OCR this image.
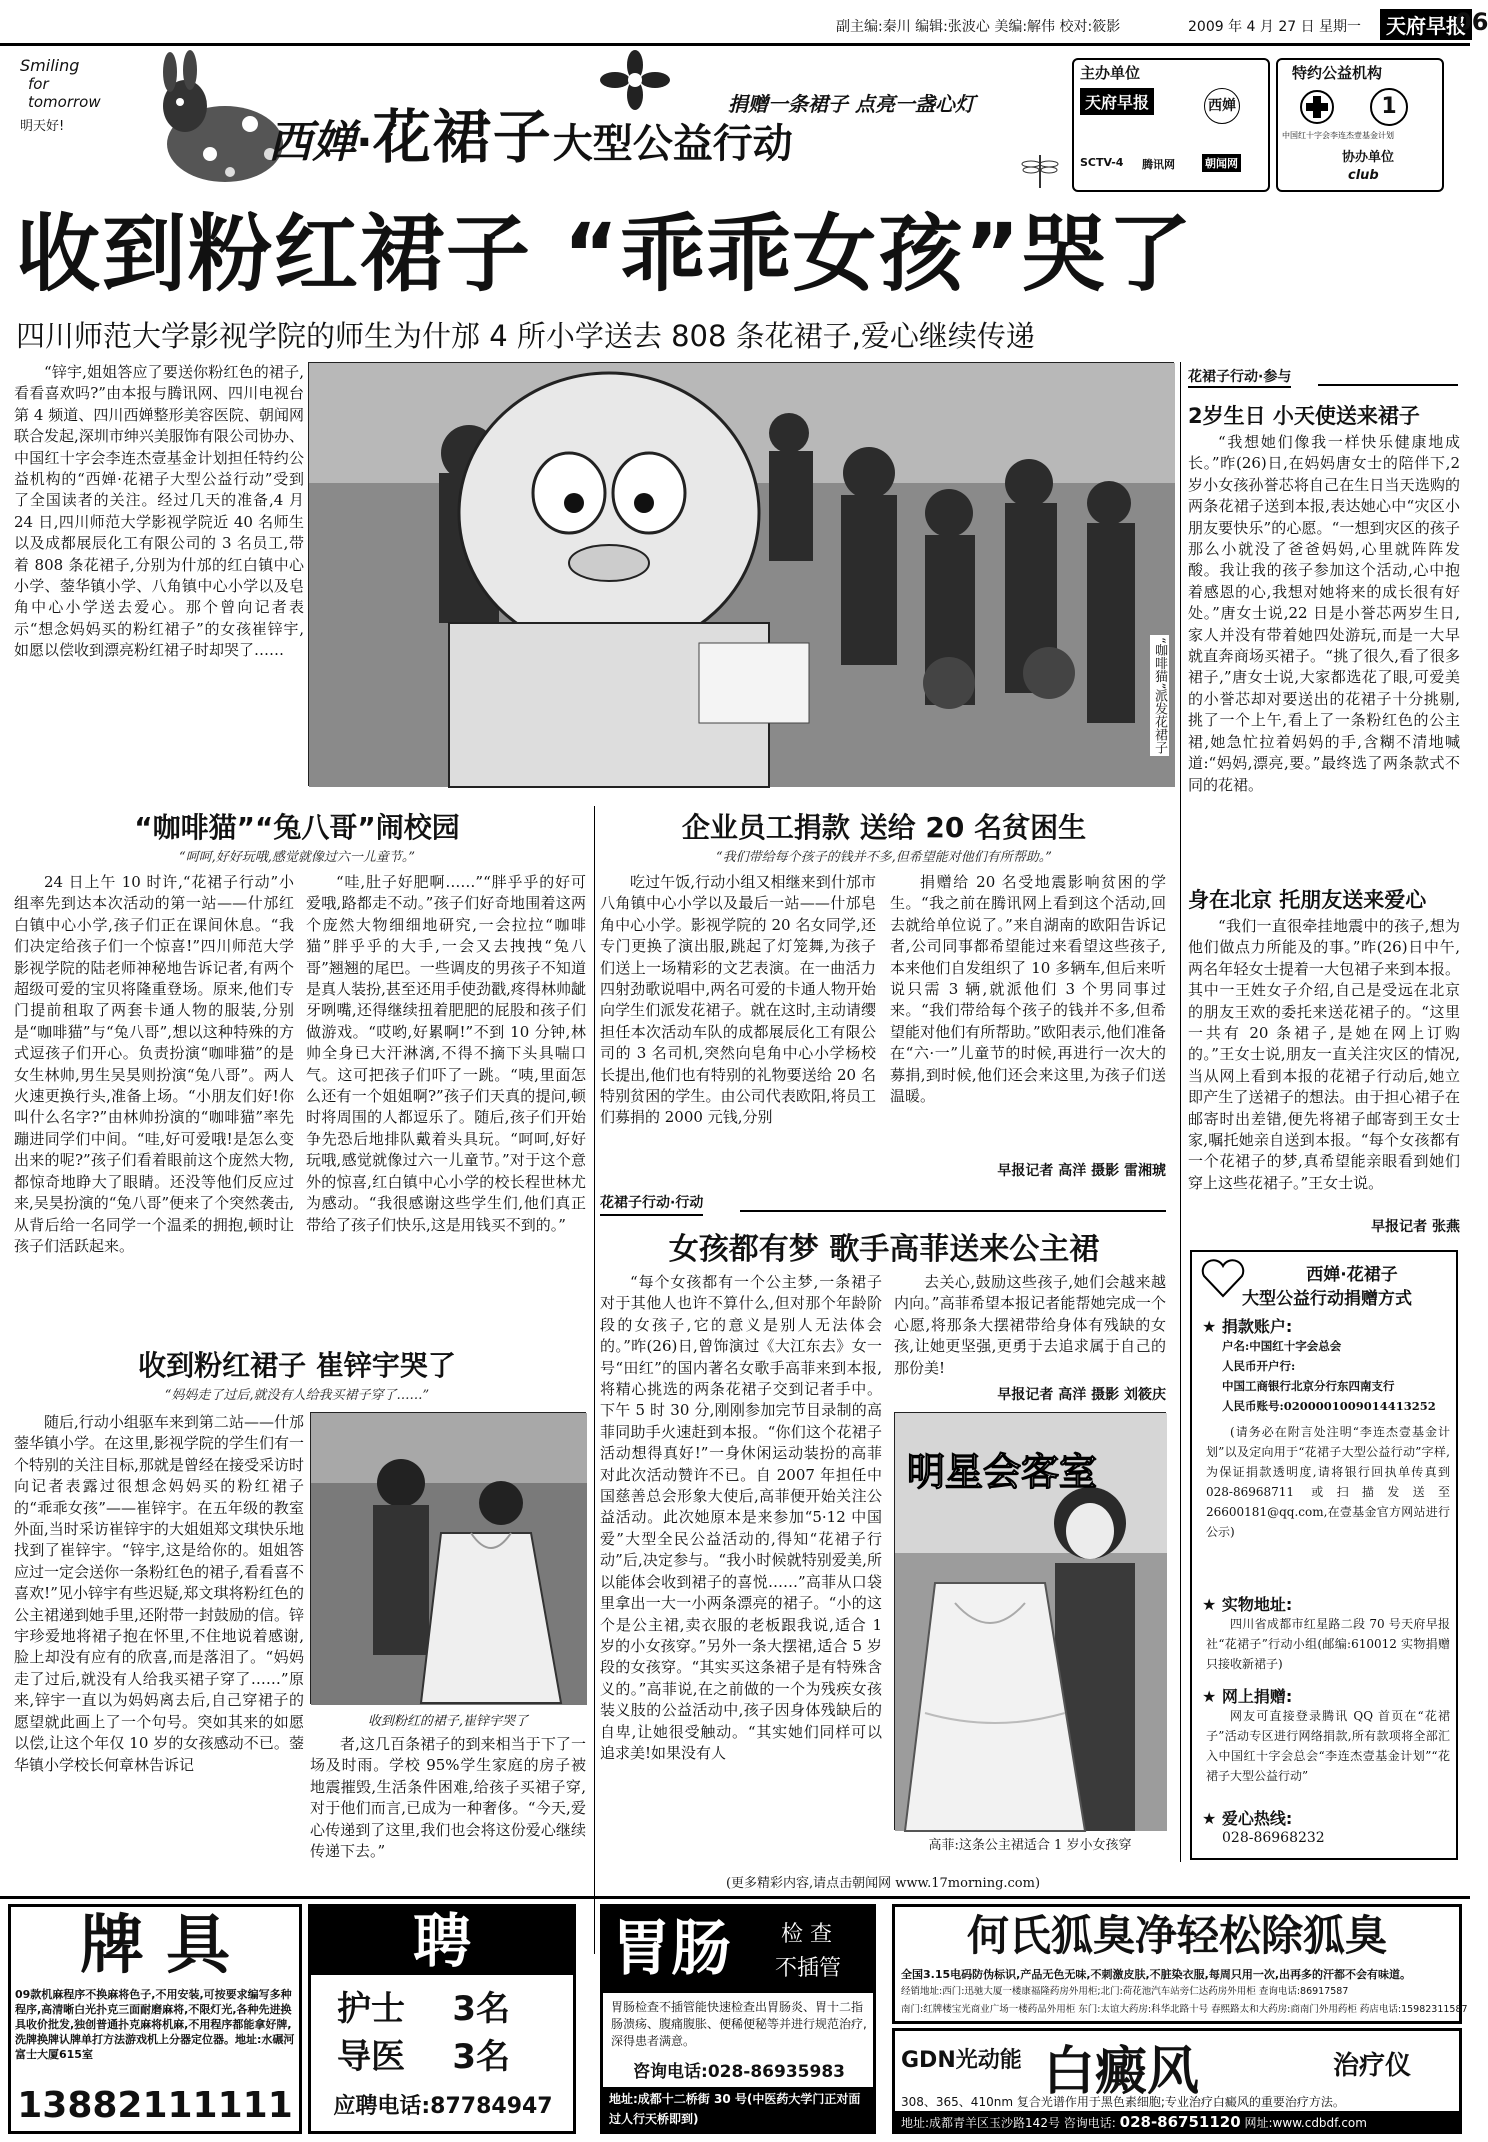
副主编:秦川 编辑:张波心 美编:解伟 校对:筱影	2009 年 4 月 27 日 星期一	天府早报
06
Smiling
for tomorrow
明天好!	西婵·花裙子大型公益行动
捐赠一条裙子 点亮一盏心灯
主办单位
天府早报	西婵
SCTV-4 腾讯网	朝闻网
特约公益机构
1
中国红十字会李连杰壹基金计划
协办单位
club
收到粉红裙子 “乖乖女孩”哭了
四川师范大学影视学院的师生为什邡 4 所小学送去 808 条花裙子,爱心继续传递
“锌宇,姐姐答应了要送你粉红色的裙子,看看喜欢吗?”由本报与腾讯网、四川电视台第 4 频道、四川西婵整形美容医院、朝闻网联合发起,深圳市绅兴美服饰有限公司协办、中国红十字会李连杰壹基金计划担任特约公益机构的“西婵·花裙子大型公益行动”受到了全国读者的关注。经过几天的准备,4 月 24 日,四川师范大学影视学院近 40 名师生以及成都展辰化工有限公司的 3 名员工,带着 808 条花裙子,分别为什邡的红白镇中心小学、蓥华镇小学、八角镇中心小学以及皂角中心小学送去爱心。那个曾向记者表示“想念妈妈买的粉红裙子”的女孩崔锌宇,如愿以偿收到漂亮粉红裙子时却哭了……	“咖啡猫”派发花裙子
“咖啡猫”“兔八哥”闹校园
“呵呵,好好玩哦,感觉就像过六一儿童节。”
24 日上午 10 时许,“花裙子行动”小组率先到达本次活动的第一站——什邡红白镇中心小学,孩子们正在课间休息。“我们决定给孩子们一个惊喜!”四川师范大学影视学院的陆老师神秘地告诉记者,有两个超级可爱的宝贝将隆重登场。原来,他们专门提前租取了两套卡通人物的服装,分别是“咖啡猫”与“兔八哥”,想以这种特殊的方式逗孩子们开心。负责扮演“咖啡猫”的是女生林帅,男生吴昊则扮演“兔八哥”。两人火速更换行头,准备上场。“小朋友们好!你叫什么名字?”由林帅扮演的“咖啡猫”率先蹦进同学们中间。“哇,好可爱哦!是怎么变出来的呢?”孩子们看着眼前这个庞然大物,都惊奇地睁大了眼睛。还没等他们反应过来,吴昊扮演的“兔八哥”便来了个突然袭击,从背后给一名同学一个温柔的拥抱,顿时让孩子们活跃起来。
“哇,肚子好肥啊……”“胖乎乎的好可爱哦,路都走不动。”孩子们好奇地围着这两个庞然大物细细地研究,一会拉拉“咖啡猫”胖乎乎的大手,一会又去拽拽“兔八哥”翘翘的尾巴。一些调皮的男孩子不知道是真人装扮,甚至还用手使劲戳,疼得林帅龇牙咧嘴,还得继续扭着肥肥的屁股和孩子们做游戏。“哎哟,好累啊!”不到 10 分钟,林帅全身已大汗淋漓,不得不摘下头具喘口气。这可把孩子们吓了一跳。“咦,里面怎么还有一个姐姐啊?”孩子们天真的提问,顿时将周围的人都逗乐了。随后,孩子们开始争先恐后地排队戴着头具玩。“呵呵,好好玩哦,感觉就像过六一儿童节。”对于这个意外的惊喜,红白镇中心小学的校长程世林尤为感动。“我很感谢这些学生们,他们真正带给了孩子们快乐,这是用钱买不到的。”
收到粉红裙子 崔锌宇哭了
“妈妈走了过后,就没有人给我买裙子穿了……”
随后,行动小组驱车来到第二站——什邡蓥华镇小学。在这里,影视学院的学生们有一个特别的关注目标,那就是曾经在接受采访时向记者表露过很想念妈妈买的粉红裙子的“乖乖女孩”——崔锌宇。在五年级的教室外面,当时采访崔锌宇的大姐姐郑文琪快乐地找到了崔锌宇。“锌宇,这是给你的。姐姐答应过一定会送你一条粉红色的裙子,看看喜不喜欢!”见小锌宇有些迟疑,郑文琪将粉红色的公主裙递到她手里,还附带一封鼓励的信。锌宇珍爱地将裙子抱在怀里,不住地说着感谢,脸上却没有应有的欣喜,而是落泪了。“妈妈走了过后,就没有人给我买裙子穿了……”原来,锌宇一直以为妈妈离去后,自己穿裙子的愿望就此画上了一个句号。突如其来的如愿以偿,让这个年仅 10 岁的女孩感动不已。蓥华镇小学校长何章林告诉记
收到粉红的裙子,崔锌宇哭了
者,这几百条裙子的到来相当于下了一场及时雨。学校 95%学生家庭的房子被地震摧毁,生活条件困难,给孩子买裙子穿,对于他们而言,已成为一种奢侈。“今天,爱心传递到了这里,我们也会将这份爱心继续传递下去。”
企业员工捐款 送给 20 名贫困生
“我们带给每个孩子的钱并不多,但希望能对他们有所帮助。”
吃过午饭,行动小组又相继来到什邡市八角镇中心小学以及最后一站——什邡皂角中心小学。影视学院的 20 名女同学,还专门更换了演出服,跳起了灯笼舞,为孩子们送上一场精彩的文艺表演。在一曲活力四射劲歌说唱中,两名可爱的卡通人物开始向学生们派发花裙子。就在这时,主动请缨担任本次活动车队的成都展辰化工有限公司的 3 名司机,突然向皂角中心小学杨校长提出,他们也有特别的礼物要送给 20 名特别贫困的学生。由公司代表欧阳,将员工们募捐的 2000 元钱,分别
捐赠给 20 名受地震影响贫困的学生。“我之前在腾讯网上看到这个活动,回去就给单位说了。”来自湖南的欧阳告诉记者,公司同事都希望能过来看望这些孩子,本来他们自发组织了 10 多辆车,但后来听说只需 3 辆,就派他们 3 个男同事过来。“我们带给每个孩子的钱并不多,但希望能对他们有所帮助。”欧阳表示,他们准备在“六·一”儿童节的时候,再进行一次大的募捐,到时候,他们还会来这里,为孩子们送温暖。
早报记者 高洋 摄影 雷湘琥
花裙子行动·行动
女孩都有梦 歌手高菲送来公主裙
“每个女孩都有一个公主梦,一条裙子对于其他人也许不算什么,但对那个年龄阶段的女孩子,它的意义是别人无法体会的。”昨(26)日,曾饰演过《大江东去》女一号“田红”的国内著名女歌手高菲来到本报,将精心挑选的两条花裙子交到记者手中。下午 5 时 30 分,刚刚参加完节目录制的高菲同助手火速赶到本报。“你们这个花裙子活动想得真好!”一身休闲运动装扮的高菲对此次活动赞许不已。自 2007 年担任中国慈善总会形象大使后,高菲便开始关注公益活动。此次她原本是来参加“5·12 中国爱”大型全民公益活动的,得知“花裙子行动”后,决定参与。“我小时候就特别爱美,所以能体会收到裙子的喜悦……”高菲从口袋里拿出一大一小两条漂亮的裙子。“小的这个是公主裙,卖衣服的老板跟我说,适合 1 岁的小女孩穿。”另外一条大摆裙,适合 5 岁段的女孩穿。“其实买这条裙子是有特殊含义的。”高菲说,在之前做的一个为残疾女孩装义肢的公益活动中,孩子因身体残缺后的自卑,让她很受触动。“其实她们同样可以追求美!如果没有人
去关心,鼓励这些孩子,她们会越来越内向。”高菲希望本报记者能帮她完成一个心愿,将那条大摆裙带给身体有残缺的女孩,让她更坚强,更勇于去追求属于自己的那份美!
早报记者 高洋 摄影 刘筱庆
明星会客室
高菲:这条公主裙适合 1 岁小女孩穿
(更多精彩内容,请点击朝闻网 www.17morning.com)
花裙子行动·参与
2岁生日 小天使送来裙子
“我想她们像我一样快乐健康地成长。”昨(26)日,在妈妈唐女士的陪伴下,2 岁小女孩孙誉芯将自己在生日当天选购的两条花裙子送到本报,表达她心中“灾区小朋友要快乐”的心愿。“一想到灾区的孩子那么小就没了爸爸妈妈,心里就阵阵发酸。我让我的孩子参加这个活动,心中抱着感恩的心,我想对她将来的成长很有好处。”唐女士说,22 日是小誉芯两岁生日,家人并没有带着她四处游玩,而是一大早就直奔商场买裙子。“挑了很久,看了很多裙子,”唐女士说,大家都选花了眼,可爱美的小誉芯却对要送出的花裙子十分挑剔,挑了一个上午,看上了一条粉红色的公主裙,她急忙拉着妈妈的手,含糊不清地喊道:“妈妈,漂亮,要。”最终选了两条款式不同的花裙。
身在北京 托朋友送来爱心
“我们一直很牵挂地震中的孩子,想为他们做点力所能及的事。”昨(26)日中午,两名年轻女士提着一大包裙子来到本报。其中一王姓女子介绍,自己是受远在北京的朋友王欢的委托来送花裙子的。“这里一共有 20 条裙子,是她在网上订购的。”王女士说,朋友一直关注灾区的情况,当从网上看到本报的花裙子行动后,她立即产生了送裙子的想法。由于担心裙子在邮寄时出差错,便先将裙子邮寄到王女士家,嘱托她亲自送到本报。“每个女孩都有一个花裙子的梦,真希望能亲眼看到她们穿上这些花裙子。”王女士说。
早报记者 张燕
西婵·花裙子
大型公益行动捐赠方式
★ 捐款账户:
户名:中国红十字会总会
人民币开户行:
中国工商银行北京分行东四南支行
人民币账号:0200001009014413252
(请务必在附言处注明“李连杰壹基金计划”以及定向用于“花裙子大型公益行动”字样,为保证捐款透明度,请将银行回执单传真到 028-86968711 或扫描发送至 26600181@qq.com,在壹基金官方网站进行公示)
★ 实物地址:
四川省成都市红星路二段 70 号天府早报社“花裙子”行动小组(邮编:610012 实物捐赠只接收新裙子)
★ 网上捐赠:
网友可直接登录腾讯 QQ 首页在“花裙子”活动专区进行网络捐款,所有款项将全部汇入中国红十字会总会“李连杰壹基金计划”“花裙子大型公益行动”
★ 爱心热线:
028-86968232
牌 具
09款机麻程序不换麻将色子,不用安装,可按要求编写多种程序,高清晰白光扑克三面耐磨麻将,不限灯光,各种先进换具收价批发,独创普通扑克麻将机麻,不用程序都能拿好牌,洗牌换牌认牌单打方法游戏机上分器定位器。地址:水碾河富士大厦615室
13882111111
聘
护士 3名
导医 3名
应聘电话:87784947
胃肠 检 查
不插管
胃肠检查不插管能快速检查出胃肠炎、胃十二指肠溃疡、腹痛腹胀、便稀便秘等并进行规范治疗,深得患者满意。
咨询电话:028-86935983
地址:成都十二桥街 30 号(中医药大学门正对面过人行天桥即到)
何氏狐臭净轻松除狐臭
全国3.15电码防伪标识,产品无色无味,不刺激皮肤,不脏染衣服,每周只用一次,出再多的汗都不会有味道。
经销地址:西门:迅驰大厦一楼康福隆药房外用柜;北门:荷花池汽车站旁仁达药房外用柜 查询电话:86917587
南门:红牌楼宝光商业广场一楼药品外用柜 东门:太谊大药房:科华北路十号 春熙路太和大药房:商南门外用药柜 药店电话:15982311587
GDN光动能 白癜风	治疗仪
308、365、410nm 复合光谱作用于黑色素细胞;专业治疗白癜风的重要治疗方法。
地址:成都青羊区玉沙路142号 咨询电话: 028-86751120 网址:www.cdbdf.com
